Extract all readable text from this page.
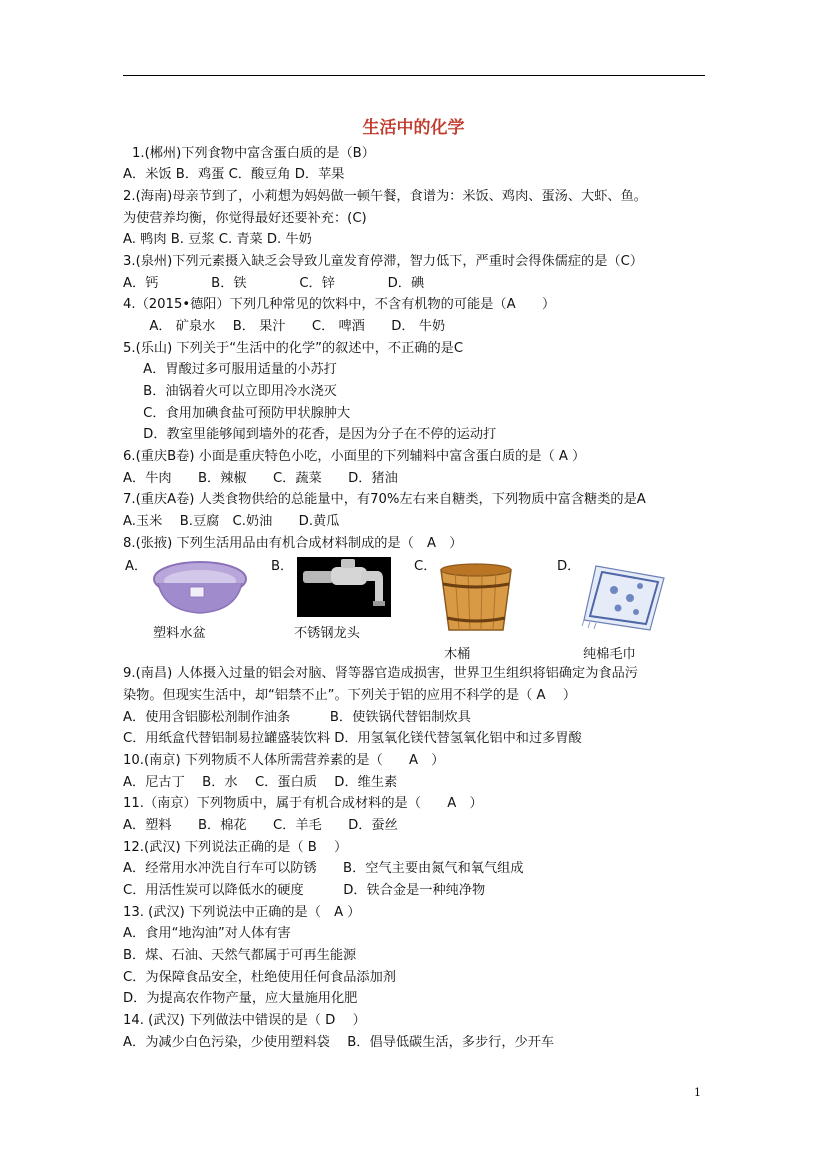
生活中的化学
1.(郴州)下列食物中富含蛋白质的是（B）
A．米饭 B．鸡蛋 C．酸豆角 D．苹果
2.(海南)母亲节到了，小莉想为妈妈做一顿午餐，食谱为：米饭、鸡肉、蛋汤、大虾、鱼。
为使营养均衡，你觉得最好还要补充：(C)
A. 鸭肉 B. 豆浆 C. 青菜 D. 牛奶
3.(泉州)下列元素摄入缺乏会导致儿童发育停滞，智力低下，严重时会得侏儒症的是（C）
A．钙　　　　B．铁　　　　C．锌　　　　D．碘
4.（2015•德阳）下列几种常见的饮料中，不含有机物的可能是（A　　）
　　A． 矿泉水　 B． 果汁　　C． 啤酒　　D． 牛奶
5.(乐山) 下列关于“生活中的化学”的叙述中，不正确的是C
　A．胃酸过多可服用适量的小苏打
　B．油锅着火可以立即用冷水浇灭
　C．食用加碘食盐可预防甲状腺肿大
　D．教室里能够闻到墙外的花香，是因为分子在不停的运动打
6.(重庆B卷) 小面是重庆特色小吃，小面里的下列辅料中富含蛋白质的是（ A ）
A．牛肉　　B．辣椒　　C．蔬菜　　D．猪油
7.(重庆A卷) 人类食物供给的总能量中，有70%左右来自糖类，下列物质中富含糖类的是A
A.玉米　 B.豆腐　C.奶油　　D.黄瓜
8.(张掖) 下列生活用品由有机合成材料制成的是（　A　）
A．
塑料水盆
B．
不锈钢龙头
C．
木桶
D．
纯棉毛巾
9.(南昌) 人体摄入过量的铝会对脑、肾等器官造成损害，世界卫生组织将铝确定为食品污
染物。但现实生活中，却“铝禁不止”。下列关于铝的应用不科学的是（ A　 ）
A．使用含铝膨松剂制作油条　　　B．使铁锅代替铝制炊具
C．用纸盒代替铝制易拉罐盛装饮料 D．用氢氧化镁代替氢氧化铝中和过多胃酸
10.(南京) 下列物质不人体所需营养素的是（　　A　）
A．尼古丁　 B．水　 C．蛋白质　 D．维生素
11.（南京）下列物质中，属于有机合成材料的是（　　A　）
A．塑料　　B．棉花　　C．羊毛　　D．蚕丝
12.(武汉) 下列说法正确的是（ B　 ）
A．经常用水冲洗自行车可以防锈　　B．空气主要由氮气和氧气组成
C．用活性炭可以降低水的硬度　　　D．铁合金是一种纯净物
13. (武汉) 下列说法中正确的是（　A ）
A．食用“地沟油”对人体有害
B．煤、石油、天然气都属于可再生能源
C．为保障食品安全，杜绝使用任何食品添加剂
D．为提高农作物产量，应大量施用化肥
14. (武汉) 下列做法中错误的是（ D　 ）
A．为减少白色污染，少使用塑料袋　 B．倡导低碳生活，多步行，少开车
1
